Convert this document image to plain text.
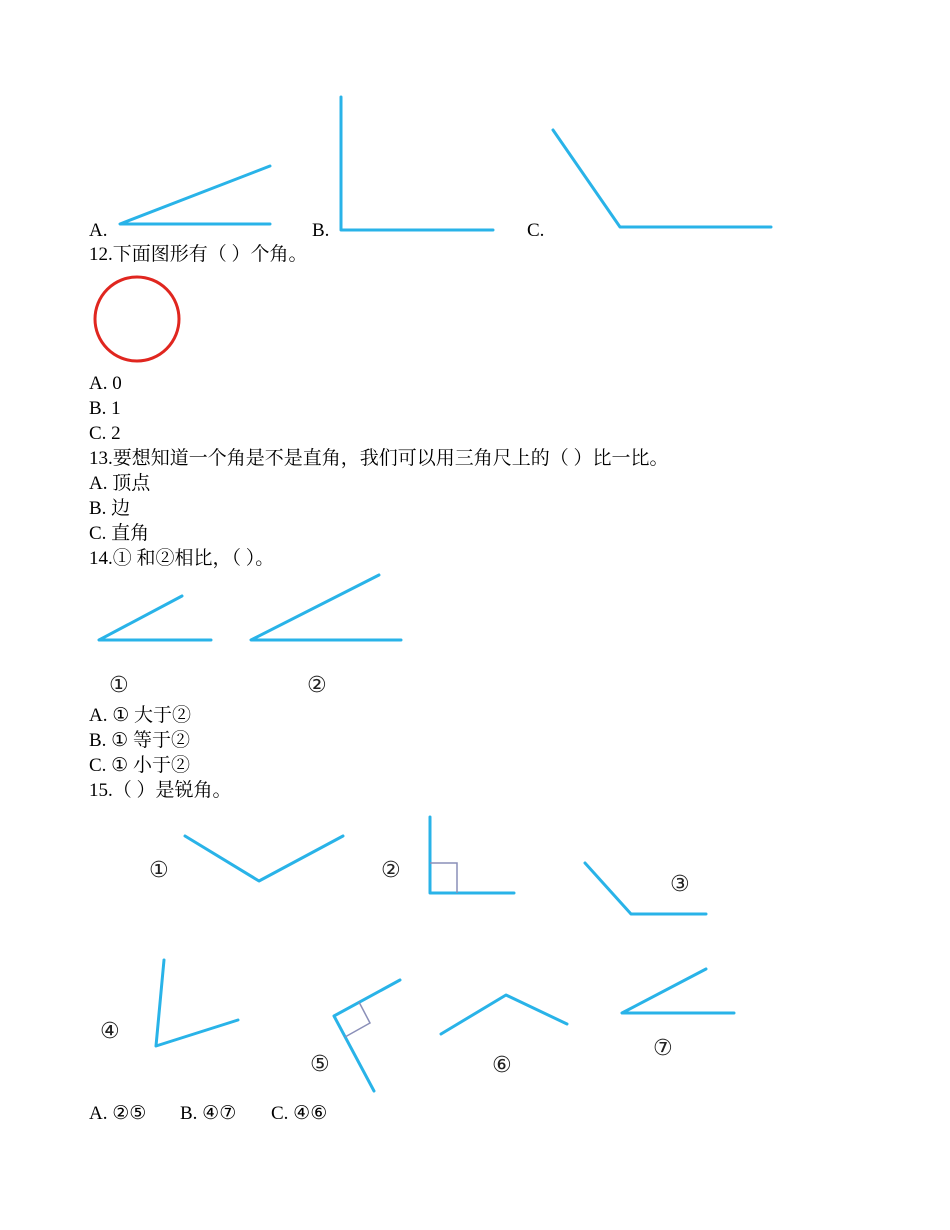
A.	B.	C.
12.下面图形有（ ）个角。
A. 0
B. 1
C. 2
13.要想知道一个角是不是直角，我们可以用三角尺上的（ ）比一比。
A. 顶点
B. 边
C. 直角
14.① 和②相比，（ ）。
①	②
A. ① 大于②
B. ① 等于②
C. ① 小于②
15.（ ）是锐角。
①	②
③
④
⑤	⑥
⑦
A. ②⑤ B. ④⑦ C. ④⑥
